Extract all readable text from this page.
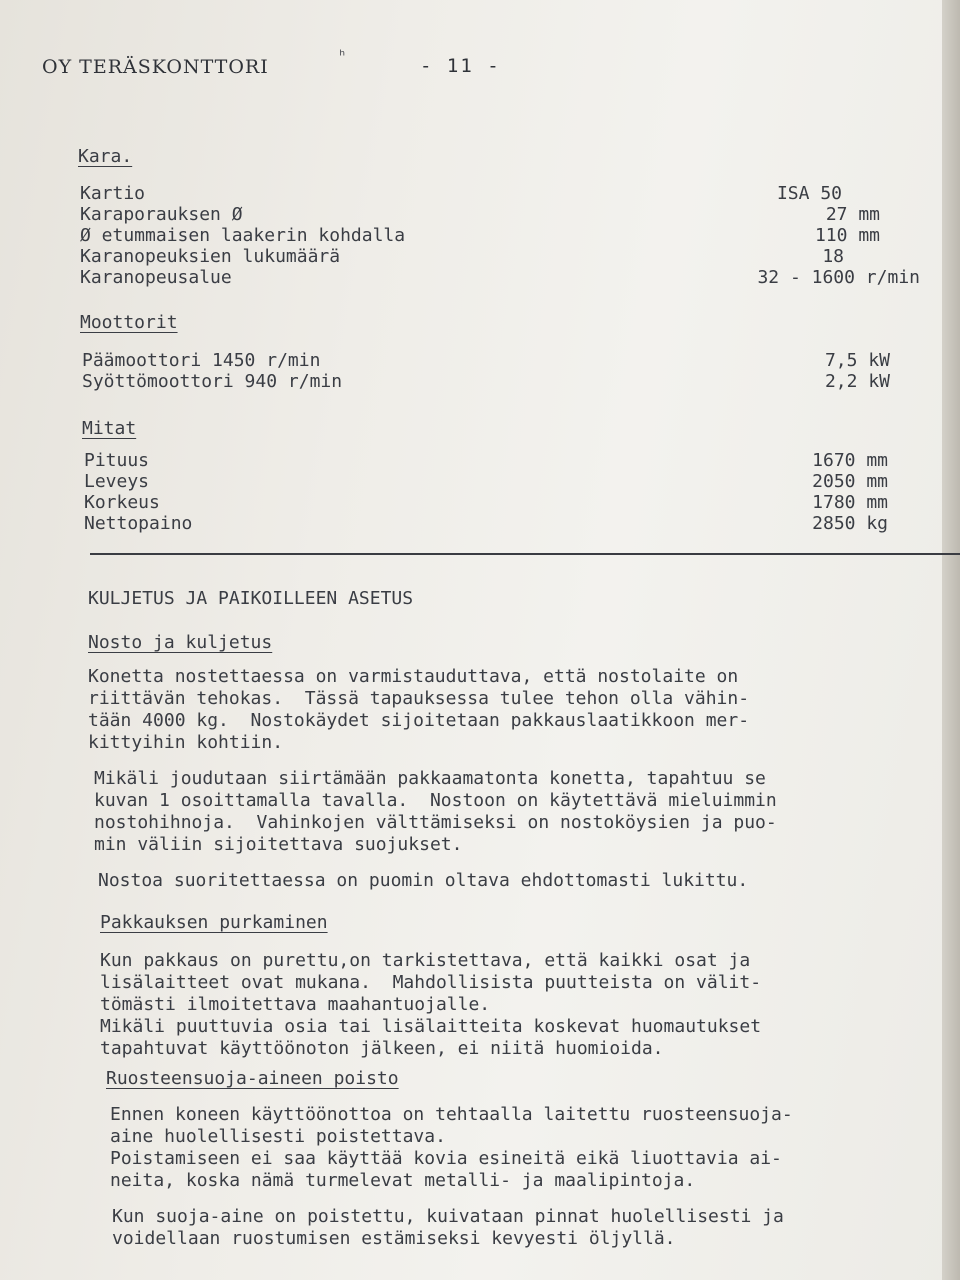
OY TERÄSKONTTORI	ʰ	- 11 -
Kara.
Kartio	ISA 50
Karaporauksen Ø	27 mm
Ø etummaisen laakerin kohdalla	110 mm
Karanopeuksien lukumäärä	18
Karanopeusalue	32 - 1600 r/min
Moottorit
Päämoottori 1450 r/min	7,5 kW
Syöttömoottori 940 r/min	2,2 kW
Mitat
Pituus	1670 mm
Leveys	2050 mm
Korkeus	1780 mm
Nettopaino	2850 kg
KULJETUS JA PAIKOILLEEN ASETUS
Nosto ja kuljetus
Konetta nostettaessa on varmistauduttava, että nostolaite on
riittävän tehokas.  Tässä tapauksessa tulee tehon olla vähin-
tään 4000 kg.  Nostokäydet sijoitetaan pakkauslaatikkoon mer-
kittyihin kohtiin.
Mikäli joudutaan siirtämään pakkaamatonta konetta, tapahtuu se
kuvan 1 osoittamalla tavalla.  Nostoon on käytettävä mieluimmin
nostohihnoja.  Vahinkojen välttämiseksi on nostoköysien ja puo-
min väliin sijoitettava suojukset.
Nostoa suoritettaessa on puomin oltava ehdottomasti lukittu.
Pakkauksen purkaminen
Kun pakkaus on purettu,on tarkistettava, että kaikki osat ja
lisälaitteet ovat mukana.  Mahdollisista puutteista on välit-
tömästi ilmoitettava maahantuojalle.
Mikäli puuttuvia osia tai lisälaitteita koskevat huomautukset
tapahtuvat käyttöönoton jälkeen, ei niitä huomioida.
Ruosteensuoja-aineen poisto
Ennen koneen käyttöönottoa on tehtaalla laitettu ruosteensuoja-
aine huolellisesti poistettava.
Poistamiseen ei saa käyttää kovia esineitä eikä liuottavia ai-
neita, koska nämä turmelevat metalli- ja maalipintoja.
Kun suoja-aine on poistettu, kuivataan pinnat huolellisesti ja
voidellaan ruostumisen estämiseksi kevyesti öljyllä.
